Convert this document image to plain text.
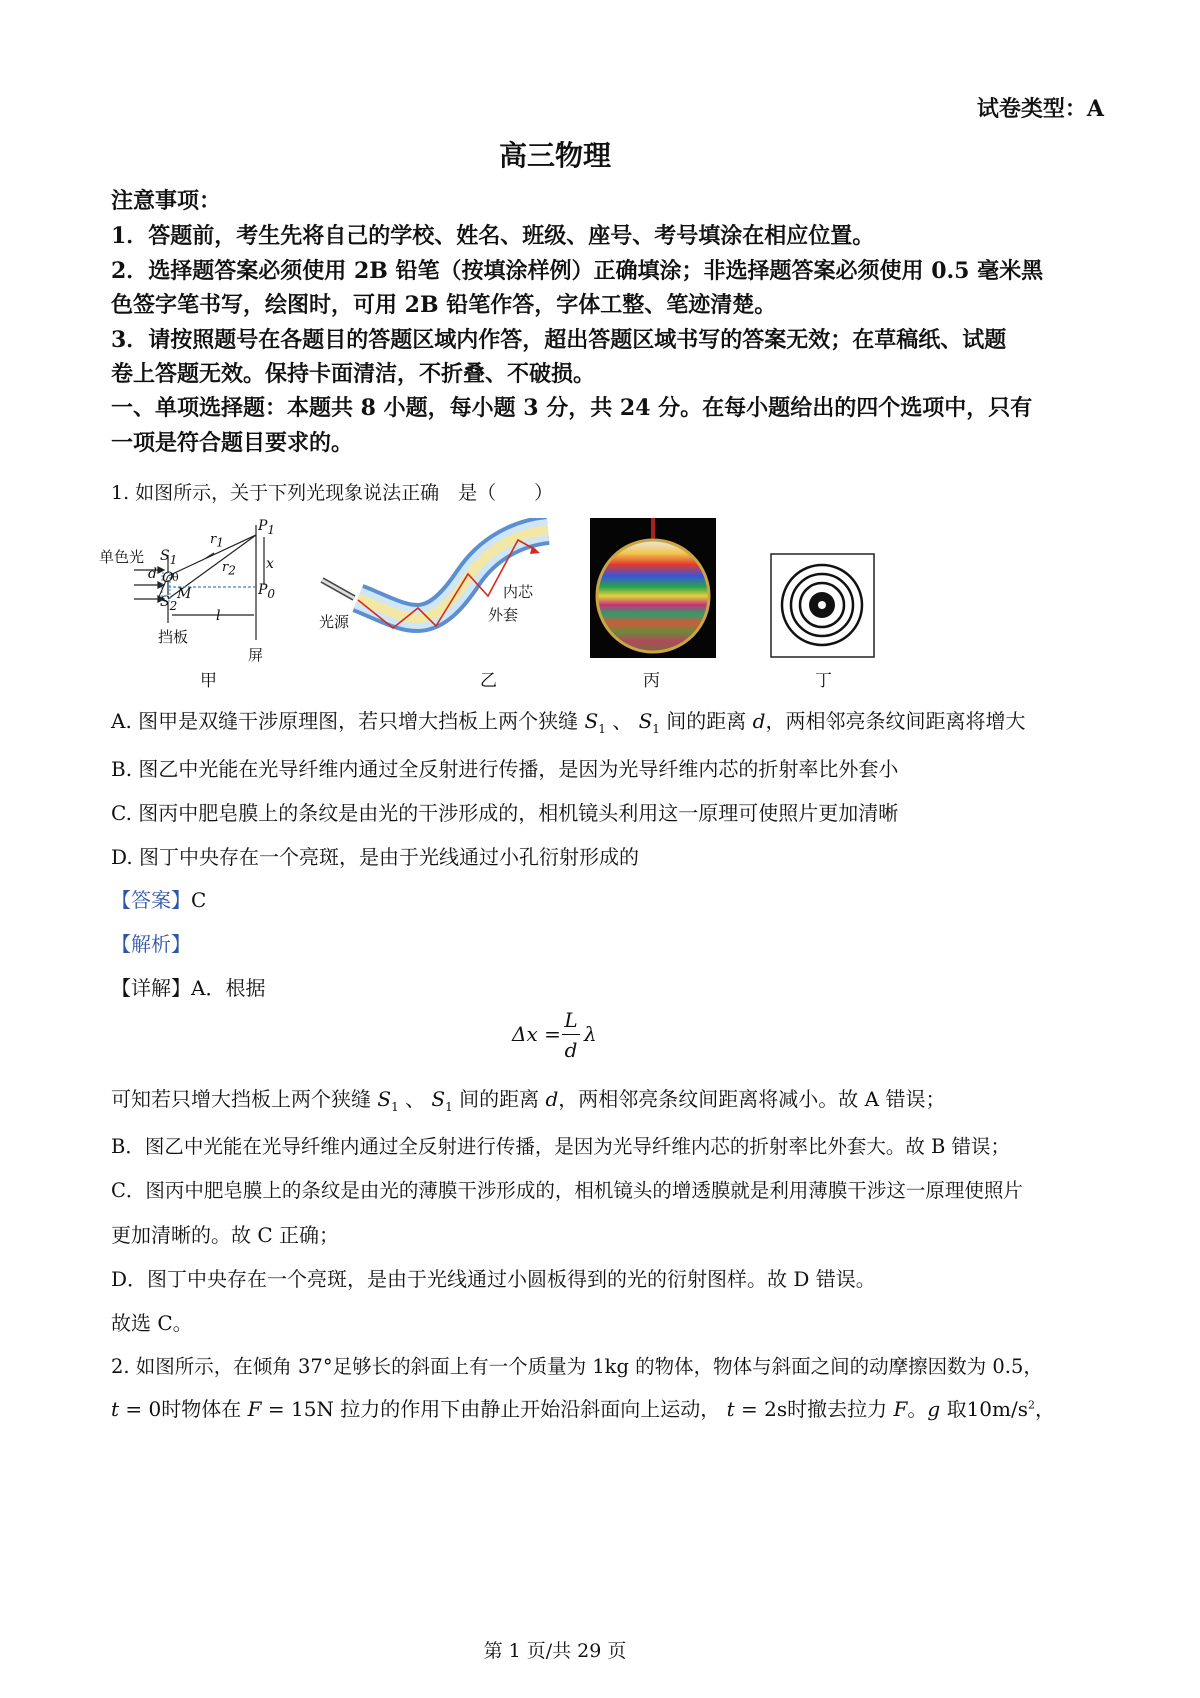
试卷类型：A
高三物理
注意事项：
1．答题前，考生先将自己的学校、姓名、班级、座号、考号填涂在相应位置。
2．选择题答案必须使用 2B 铅笔（按填涂样例）正确填涂；非选择题答案必须使用 0.5 毫米黑
色签字笔书写，绘图时，可用 2B 铅笔作答，字体工整、笔迹清楚。
3．请按照题号在各题目的答题区域内作答，超出答题区域书写的答案无效；在草稿纸、试题
卷上答题无效。保持卡面清洁，不折叠、不破损。
一、单项选择题：本题共 8 小题，每小题 3 分，共 24 分。在每小题给出的四个选项中，只有
一项是符合题目要求的。
1. 如图所示，关于下列光现象说法正确　是（　　）
单色光
d O
θ
$S_1$
$S_2$
M
$r_1$
$r_2$
$P_1$
$P_0$
x
l
挡板
屏
甲
光源
内芯
外套
乙	丙	丁
A. 图甲是双缝干涉原理图，若只增大挡板上两个狭缝 $S_1$ 、 $S_1$ 间的距离 d，两相邻亮条纹间距离将增大
B. 图乙中光能在光导纤维内通过全反射进行传播，是因为光导纤维内芯的折射率比外套小
C. 图丙中肥皂膜上的条纹是由光的干涉形成的，相机镜头利用这一原理可使照片更加清晰
D. 图丁中央存在一个亮斑，是由于光线通过小孔衍射形成的
【答案】C
【解析】
【详解】A．根据
Δx =
L
d
λ
可知若只增大挡板上两个狭缝 $S_1$ 、 $S_1$ 间的距离 d，两相邻亮条纹间距离将减小。故 A 错误；
B．图乙中光能在光导纤维内通过全反射进行传播，是因为光导纤维内芯的折射率比外套大。故 B 错误；
C．图丙中肥皂膜上的条纹是由光的薄膜干涉形成的，相机镜头的增透膜就是利用薄膜干涉这一原理使照片
更加清晰的。故 C 正确；
D．图丁中央存在一个亮斑，是由于光线通过小圆板得到的光的衍射图样。故 D 错误。
故选 C。
2. 如图所示，在倾角 37°足够长的斜面上有一个质量为 1kg 的物体，物体与斜面之间的动摩擦因数为 0.5，
t = 0时物体在 F = 15N 拉力的作用下由静止开始沿斜面向上运动， t = 2s时撤去拉力 F。g 取$10m/s^2$，
第 1 页/共 29 页
